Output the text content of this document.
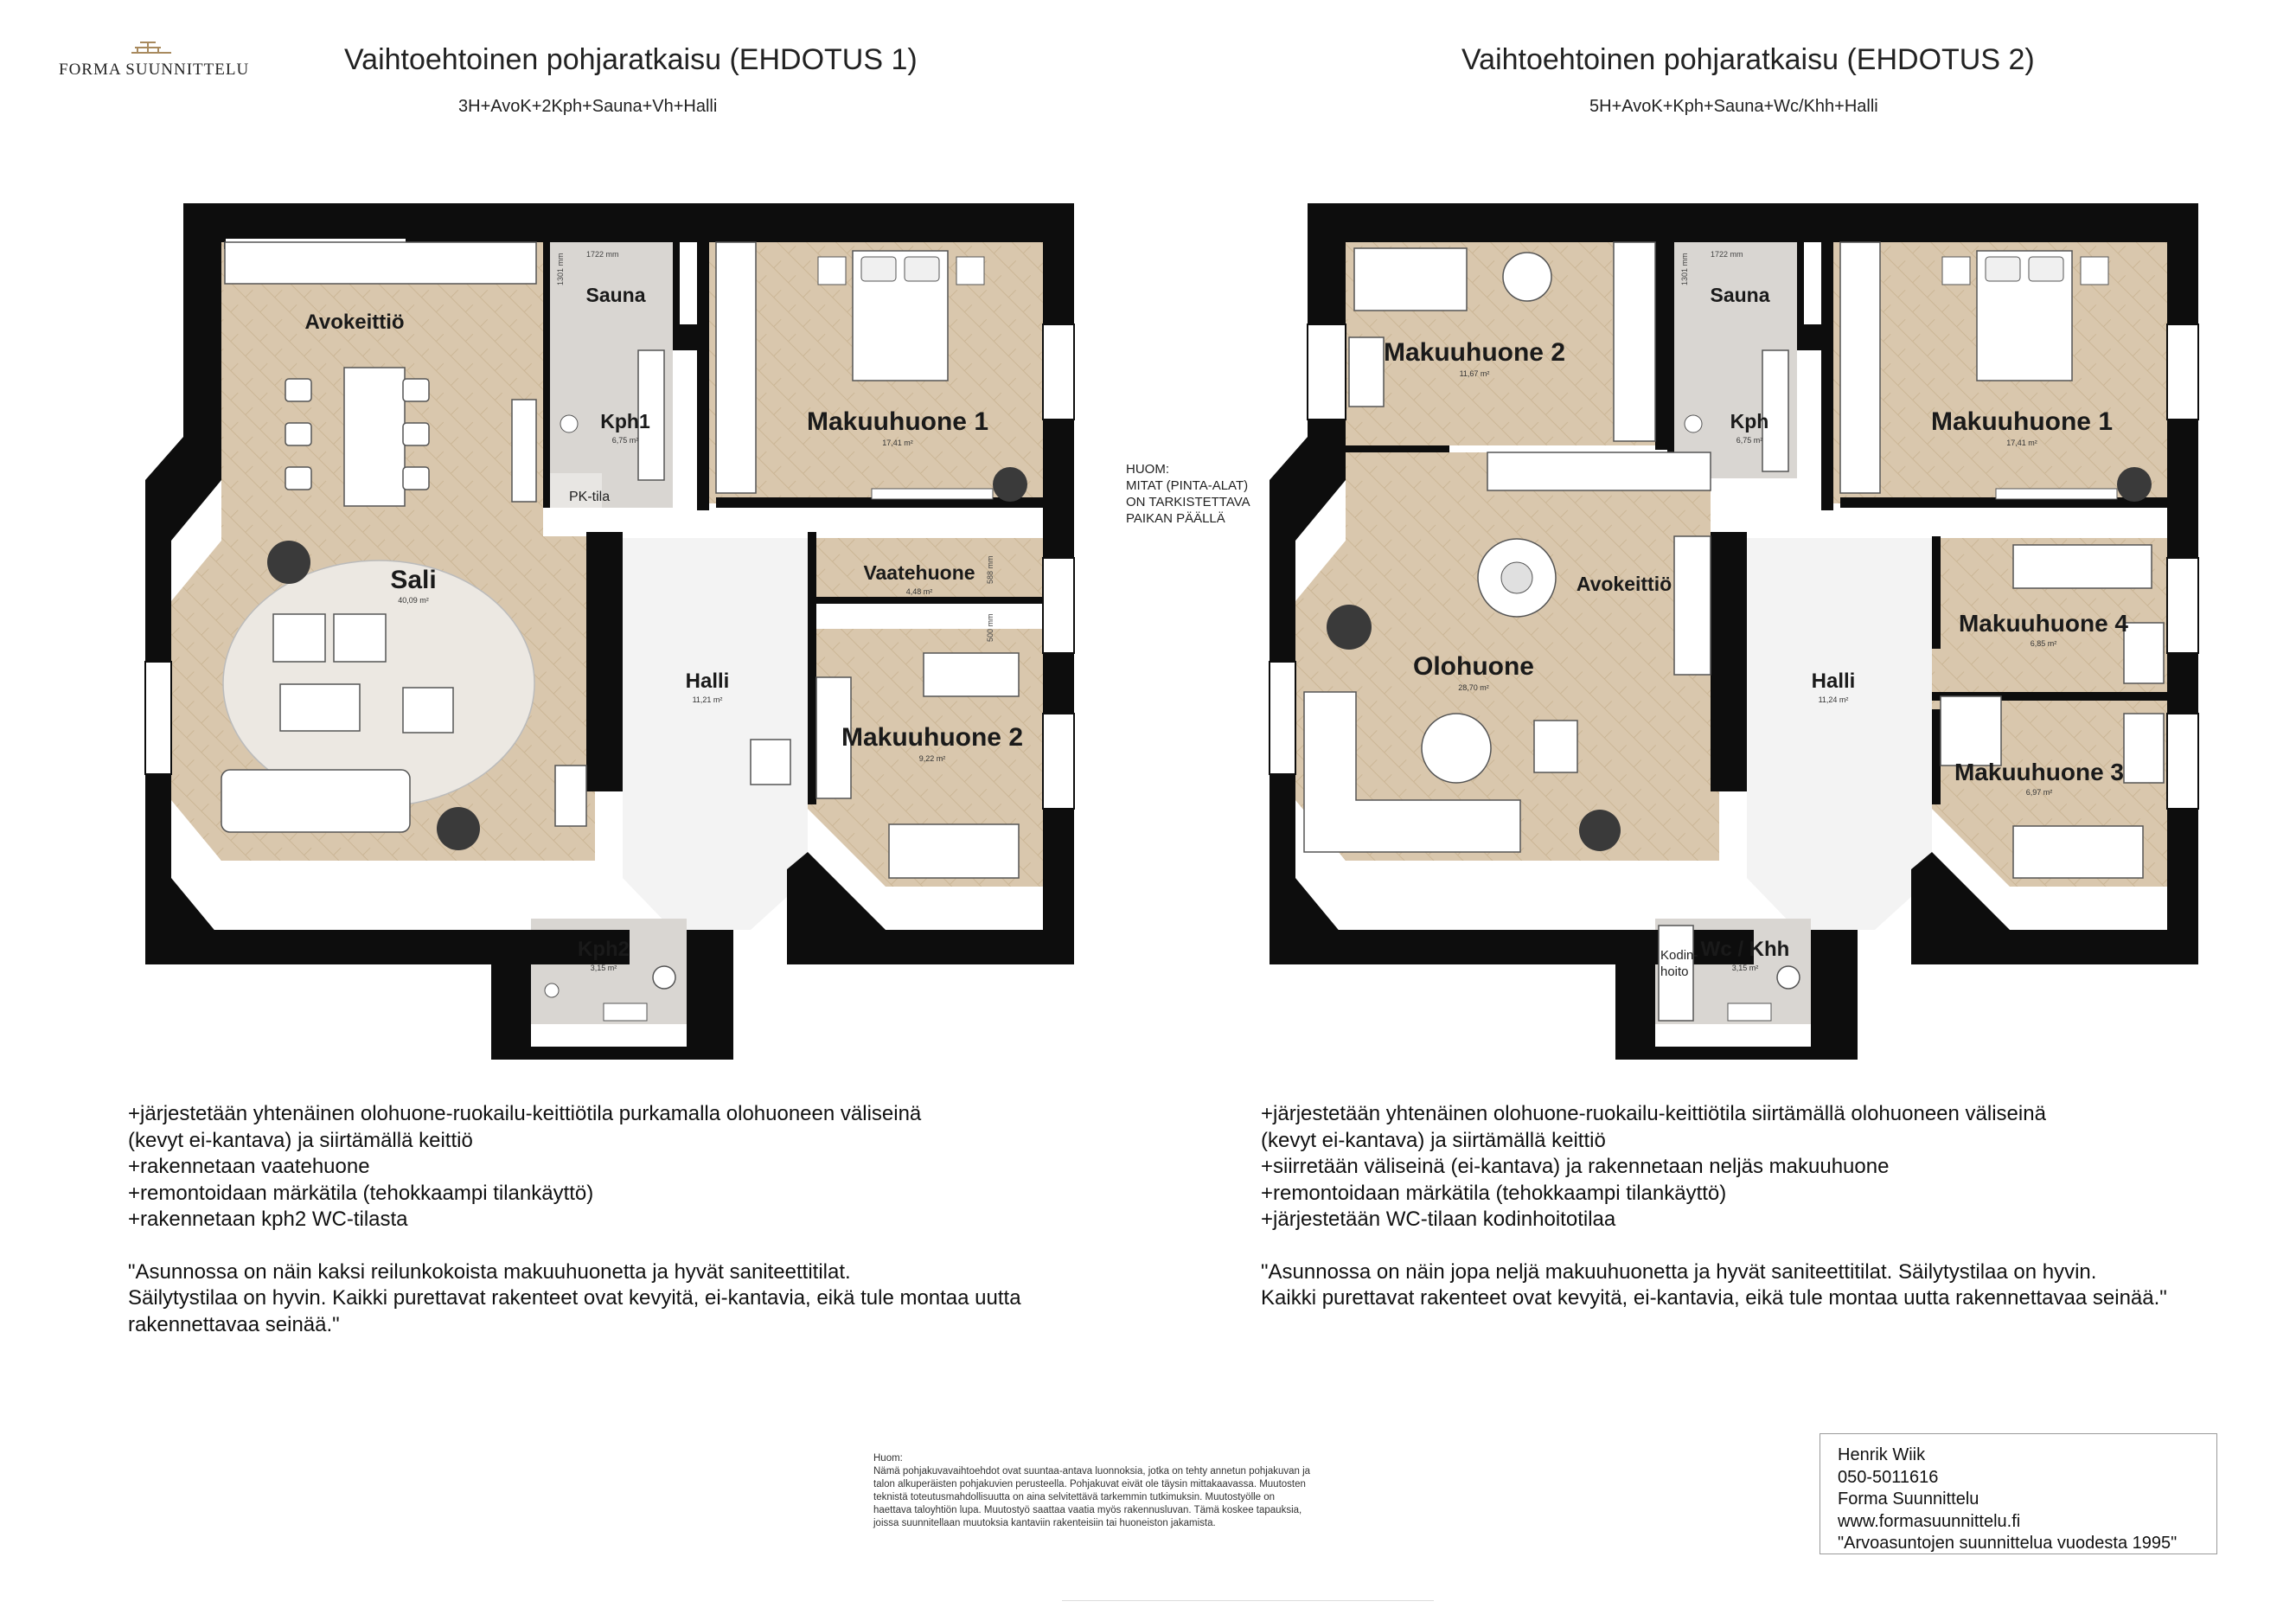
FORMA SUUNNITTELU	Vaihtoehtoinen pohjaratkaisu (EHDOTUS 1)
3H+AvoK+2Kph+Sauna+Vh+Halli
Vaihtoehtoinen pohjaratkaisu (EHDOTUS 2)
5H+AvoK+Kph+Sauna+Wc/Khh+Halli
1722 mm
1301 mm
500 mm
588 mm
Avokeittiö
Sali
40,09 m²
Sauna
Kph1
6,75 m²
PK-tila
Makuuhuone 1
17,41 m²
Vaatehuone
4,48 m²
Halli
11,21 m²
Makuuhuone 2
9,22 m²
Kph2
3,15 m²
1722 mm
1301 mm
Makuuhuone 2
11,67 m²
Sauna
Kph
6,75 m²
Makuuhuone 1
17,41 m²
Avokeittiö
Olohuone
28,70 m²	Halli
11,24 m²
Makuuhuone 4
6,85 m²
Makuuhuone 3
6,97 m²
Wc / Khh
3,15 m²
Kodin-
hoito
HUOM:
MITAT (PINTA-ALAT)
ON TARKISTETTAVA
PAIKAN PÄÄLLÄ

+järjestetään yhtenäinen olohuone-ruokailu-keittiötila purkamalla olohuoneen väliseinä

(kevyt ei-kantava) ja siirtämällä keittiö

+rakennetaan vaatehuone

+remontoidaan märkätila (tehokkaampi tilankäyttö)

+rakennetaan kph2 WC-tilasta

"Asunnossa on näin kaksi reilunkokoista makuuhuonetta ja hyvät saniteettitilat.

Säilytystilaa on hyvin. Kaikki purettavat rakenteet ovat kevyitä, ei-kantavia, eikä tule montaa uutta

rakennettavaa seinää."

+järjestetään yhtenäinen olohuone-ruokailu-keittiötila siirtämällä olohuoneen väliseinä

(kevyt ei-kantava) ja siirtämällä keittiö

+siirretään väliseinä (ei-kantava) ja rakennetaan neljäs makuuhuone

+remontoidaan märkätila (tehokkaampi tilankäyttö)

+järjestetään WC-tilaan kodinhoitotilaa

"Asunnossa on näin jopa neljä makuuhuonetta ja hyvät saniteettitilat. Säilytystilaa on hyvin.

Kaikki purettavat rakenteet ovat kevyitä, ei-kantavia, eikä tule montaa uutta rakennettavaa seinää."

Huom:
Nämä pohjakuvavaihtoehdot ovat suuntaa-antava luonnoksia, jotka on tehty annetun pohjakuvan ja
talon alkuperäisten pohjakuvien perusteella. Pohjakuvat eivät ole täysin mittakaavassa. Muutosten
teknistä toteutusmahdollisuutta on aina selvitettävä tarkemmin tutkimuksin. Muutostyölle on
haettava taloyhtiön lupa. Muutostyö saattaa vaatia myös rakennusluvan. Tämä koskee tapauksia,
joissa suunnitellaan muutoksia kantaviin rakenteisiin tai huoneiston jakamista.
Henrik Wiik
050-5011616
Forma Suunnittelu
www.formasuunnittelu.fi
"Arvoasuntojen suunnittelua vuodesta 1995"
